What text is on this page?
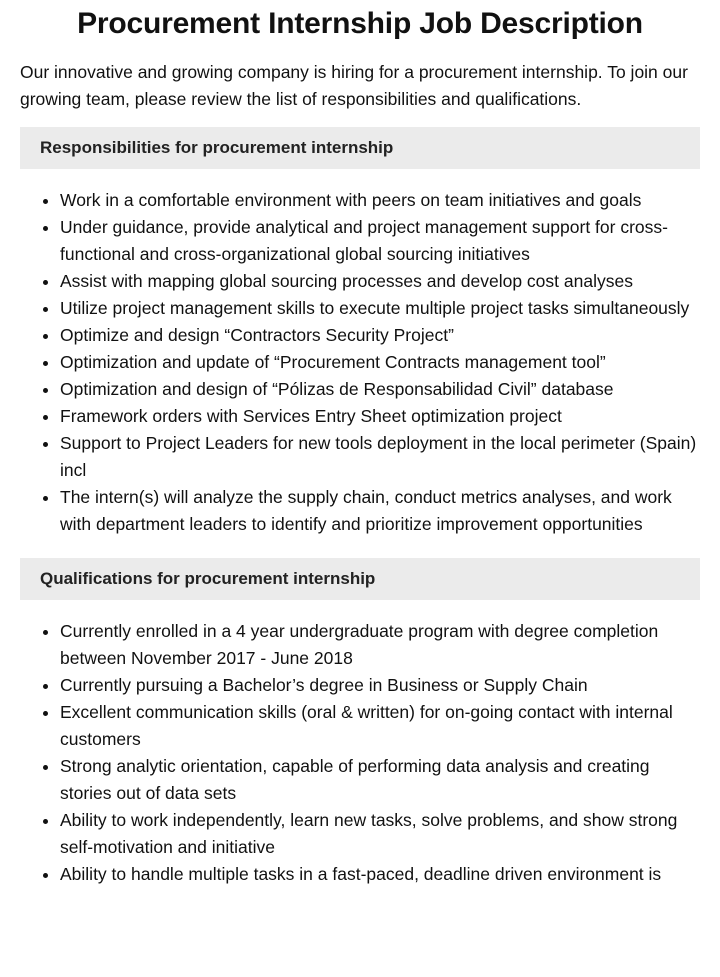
Procurement Internship Job Description

Our innovative and growing company is hiring for a procurement internship. To join our growing team, please review the list of responsibilities and qualifications.

Responsibilities for procurement internship
• Work in a comfortable environment with peers on team initiatives and goals
• Under guidance, provide analytical and project management support for cross-functional and cross-organizational global sourcing initiatives
• Assist with mapping global sourcing processes and develop cost analyses
• Utilize project management skills to execute multiple project tasks simultaneously
• Optimize and design “Contractors Security Project”
• Optimization and update of “Procurement Contracts management tool”
• Optimization and design of “Pólizas de Responsabilidad Civil” database
• Framework orders with Services Entry Sheet optimization project
• Support to Project Leaders for new tools deployment in the local perimeter (Spain) incl
• The intern(s) will analyze the supply chain, conduct metrics analyses, and work with department leaders to identify and prioritize improvement opportunities
Qualifications for procurement internship
• Currently enrolled in a 4 year undergraduate program with degree completion between November 2017 - June 2018
• Currently pursuing a Bachelor’s degree in Business or Supply Chain
• Excellent communication skills (oral & written) for on-going contact with internal customers
• Strong analytic orientation, capable of performing data analysis and creating stories out of data sets
• Ability to work independently, learn new tasks, solve problems, and show strong self-motivation and initiative
• Ability to handle multiple tasks in a fast-paced, deadline driven environment is
